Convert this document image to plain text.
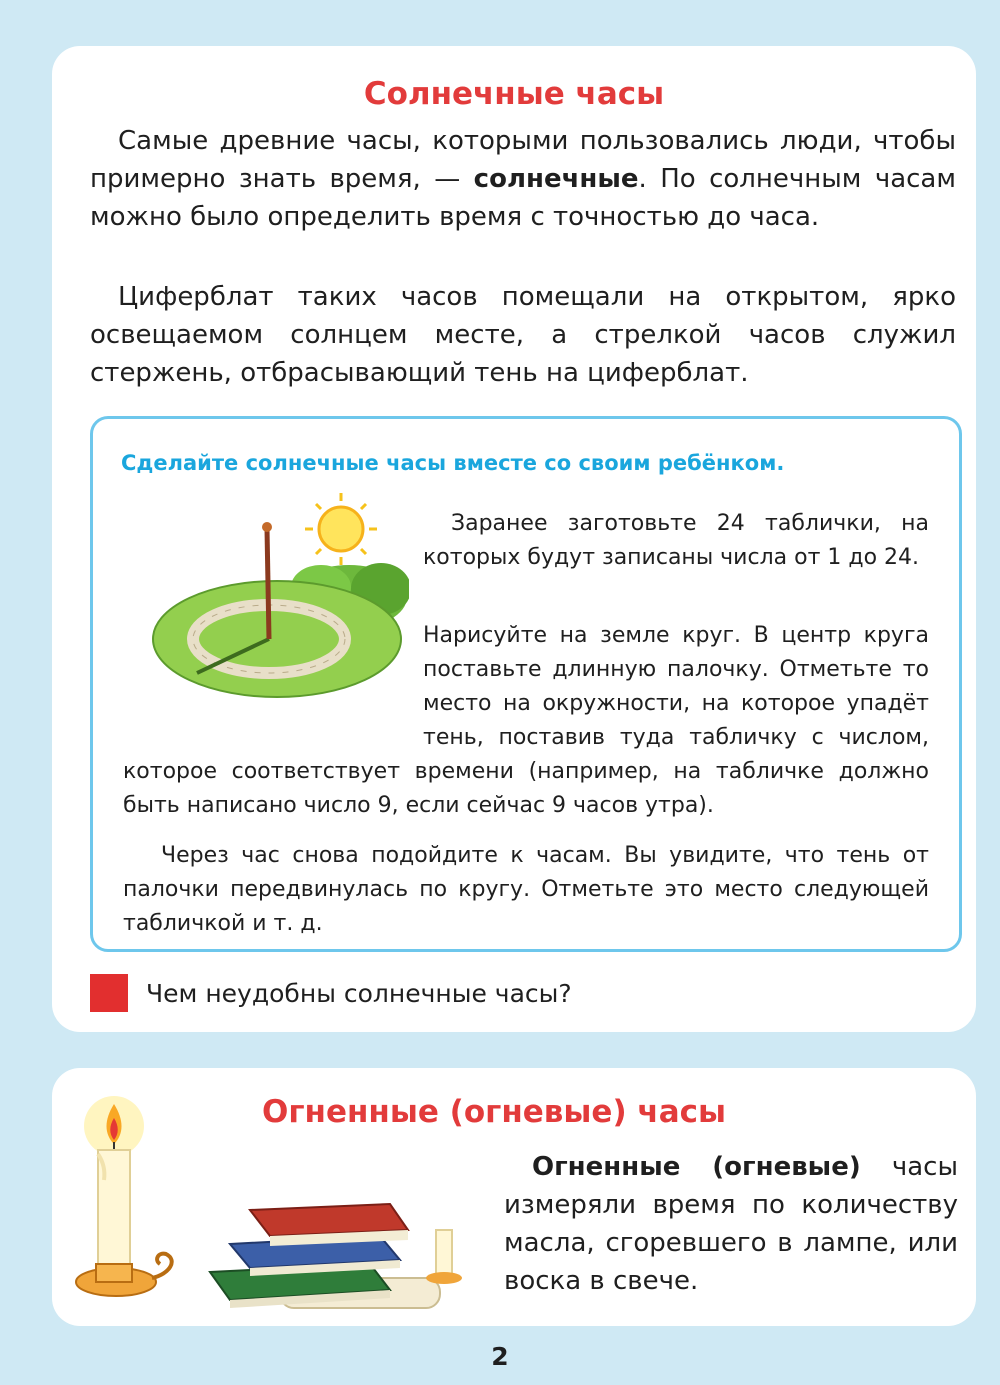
Солнечные часы

Самые древние часы, которыми пользовались люди, чтобы примерно знать время, — солнечные. По солнечным часам можно было определить время с точностью до часа.

Циферблат таких часов помещали на открытом, ярко освещаемом солнцем месте, а стрелкой часов служил стержень, отбрасывающий тень на циферблат.

Сделайте солнечные часы вместе со своим ребёнком.

Заранее заготовьте 24 таблички, на которых будут записаны числа от 1 до 24.

Нарисуйте на земле круг. В центр круга поставьте длинную палочку. Отметьте то место на окружности, на которое упадёт тень, поставив туда табличку с числом, которое соответствует времени (например, на табличке должно быть написано число 9, если сейчас 9 часов утра).

Через час снова подойдите к часам. Вы увидите, что тень от палочки передвинулась по кругу. Отметьте это место следующей табличкой и т. д.

Чем неудобны солнечные часы?
Огненные (огневые) часы

Огненные (огневые) часы измеряли время по количеству масла, сгоревшего в лампе, или воска в свече.

2
